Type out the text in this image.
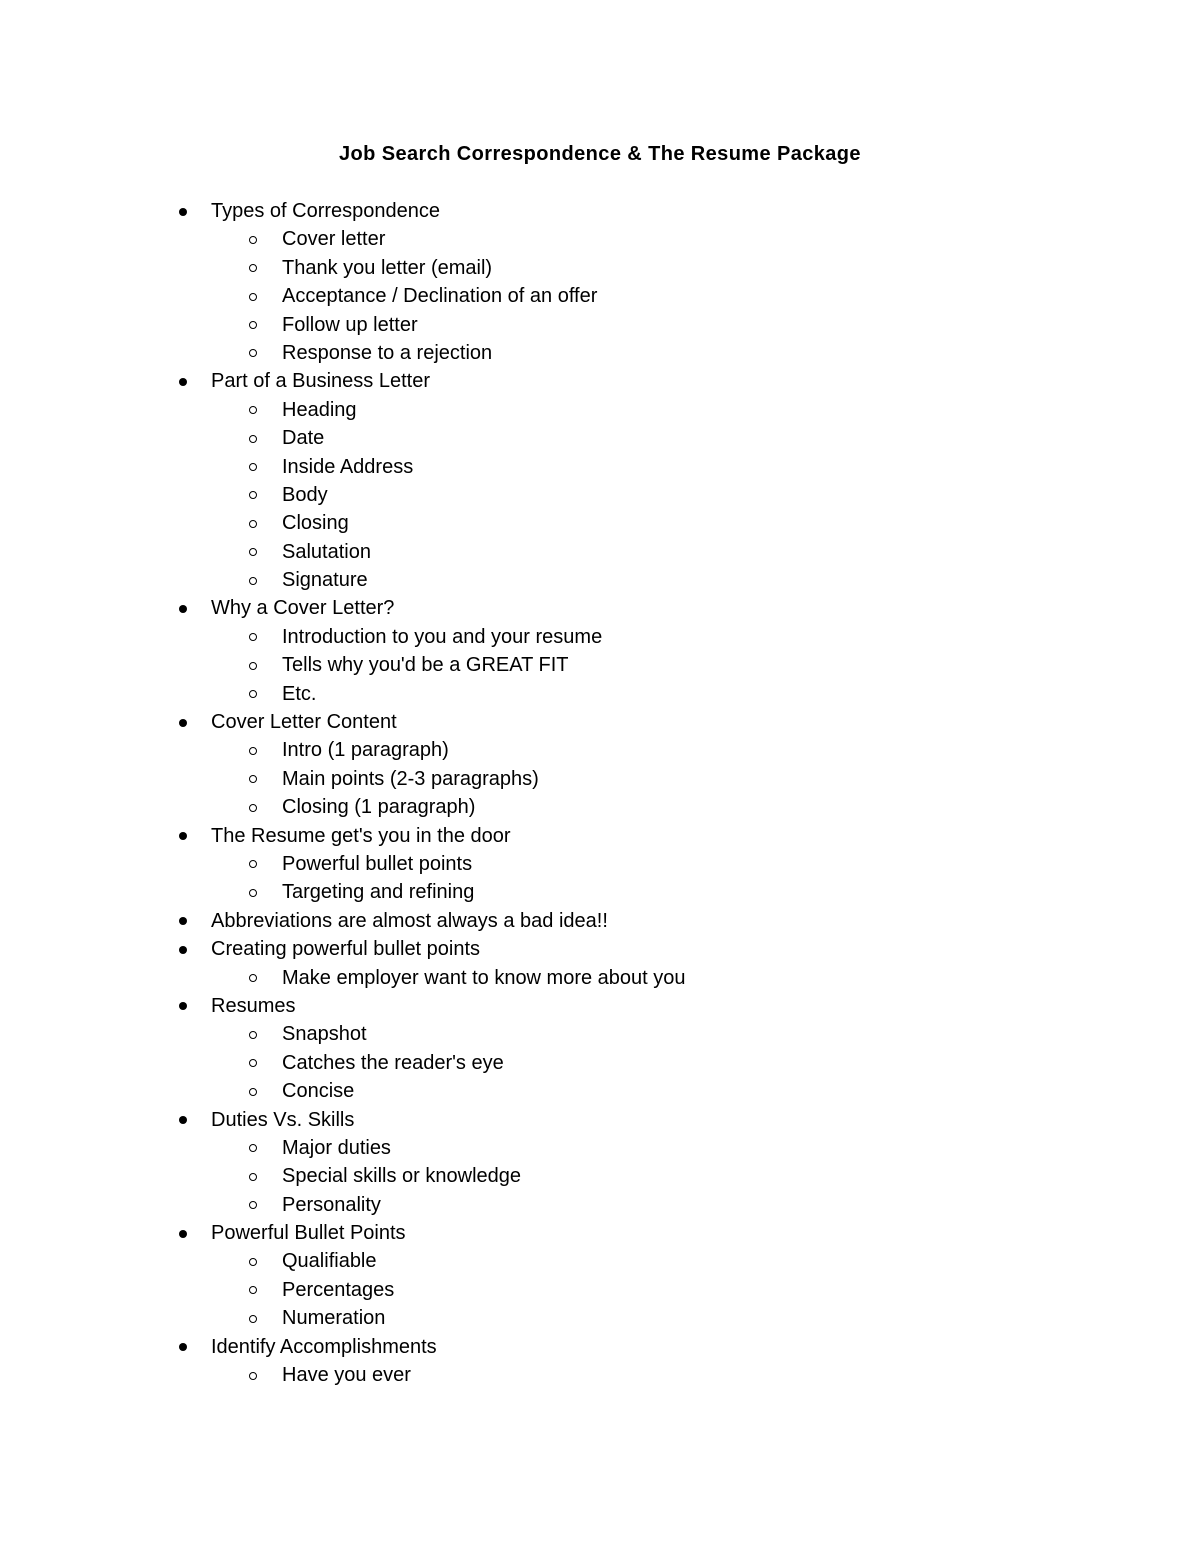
Job Search Correspondence & The Resume Package
Types of Correspondence
Cover letter
Thank you letter (email)
Acceptance / Declination of an offer
Follow up letter
Response to a rejection
Part of a Business Letter
Heading
Date
Inside Address
Body
Closing
Salutation
Signature
Why a Cover Letter?
Introduction to you and your resume
Tells why you'd be a GREAT FIT
Etc.
Cover Letter Content
Intro (1 paragraph)
Main points (2-3 paragraphs)
Closing (1 paragraph)
The Resume get's you in the door
Powerful bullet points
Targeting and refining
Abbreviations are almost always a bad idea!!
Creating powerful bullet points
Make employer want to know more about you
Resumes
Snapshot
Catches the reader's eye
Concise
Duties Vs. Skills
Major duties
Special skills or knowledge
Personality
Powerful Bullet Points
Qualifiable
Percentages
Numeration
Identify Accomplishments
Have you ever
